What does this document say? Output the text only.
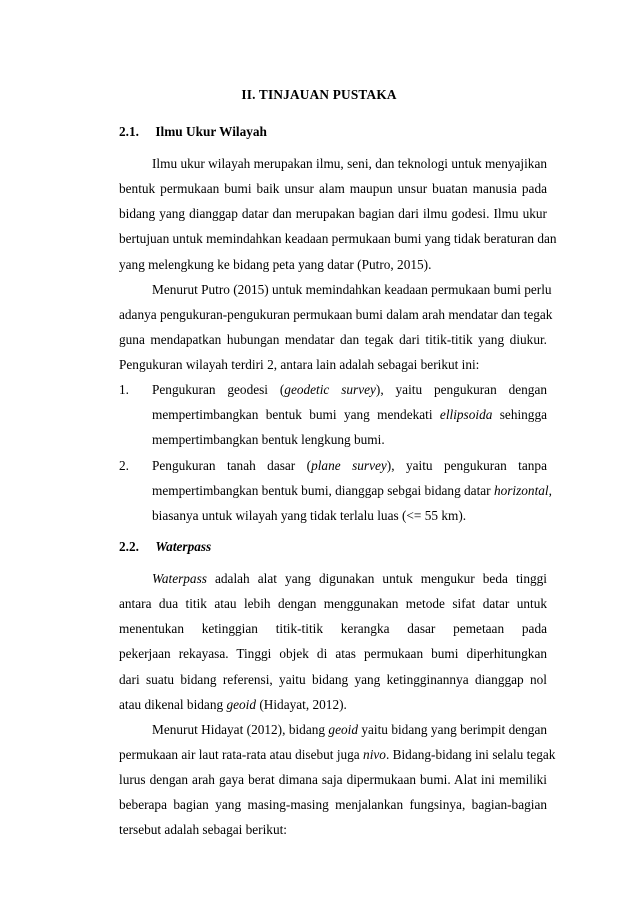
II. TINJAUAN PUSTAKA
2.1. Ilmu Ukur Wilayah
Ilmu ukur wilayah merupakan ilmu, seni, dan teknologi untuk menyajikan
bentuk permukaan bumi baik unsur alam maupun unsur buatan manusia pada
bidang yang dianggap datar dan merupakan bagian dari ilmu godesi. Ilmu ukur
bertujuan untuk memindahkan keadaan permukaan bumi yang tidak beraturan dan
yang melengkung ke bidang peta yang datar (Putro, 2015).
Menurut Putro (2015) untuk memindahkan keadaan permukaan bumi perlu
adanya pengukuran-pengukuran permukaan bumi dalam arah mendatar dan tegak
guna mendapatkan hubungan mendatar dan tegak dari titik-titik yang diukur.
Pengukuran wilayah terdiri 2, antara lain adalah sebagai berikut ini:
1. Pengukuran geodesi (geodetic survey), yaitu pengukuran dengan
mempertimbangkan bentuk bumi yang mendekati ellipsoida sehingga
mempertimbangkan bentuk lengkung bumi.
2. Pengukuran tanah dasar (plane survey), yaitu pengukuran tanpa
mempertimbangkan bentuk bumi, dianggap sebgai bidang datar horizontal,
biasanya untuk wilayah yang tidak terlalu luas (<= 55 km).
2.2. Waterpass
Waterpass adalah alat yang digunakan untuk mengukur beda tinggi
antara dua titik atau lebih dengan menggunakan metode sifat datar untuk
menentukan ketinggian titik-titik kerangka dasar pemetaan pada
pekerjaan rekayasa. Tinggi objek di atas permukaan bumi diperhitungkan
dari suatu bidang referensi, yaitu bidang yang ketingginannya dianggap nol
atau dikenal bidang geoid (Hidayat, 2012).
Menurut Hidayat (2012), bidang geoid yaitu bidang yang berimpit dengan
permukaan air laut rata-rata atau disebut juga nivo. Bidang-bidang ini selalu tegak
lurus dengan arah gaya berat dimana saja dipermukaan bumi. Alat ini memiliki
beberapa bagian yang masing-masing menjalankan fungsinya, bagian-bagian
tersebut adalah sebagai berikut:
